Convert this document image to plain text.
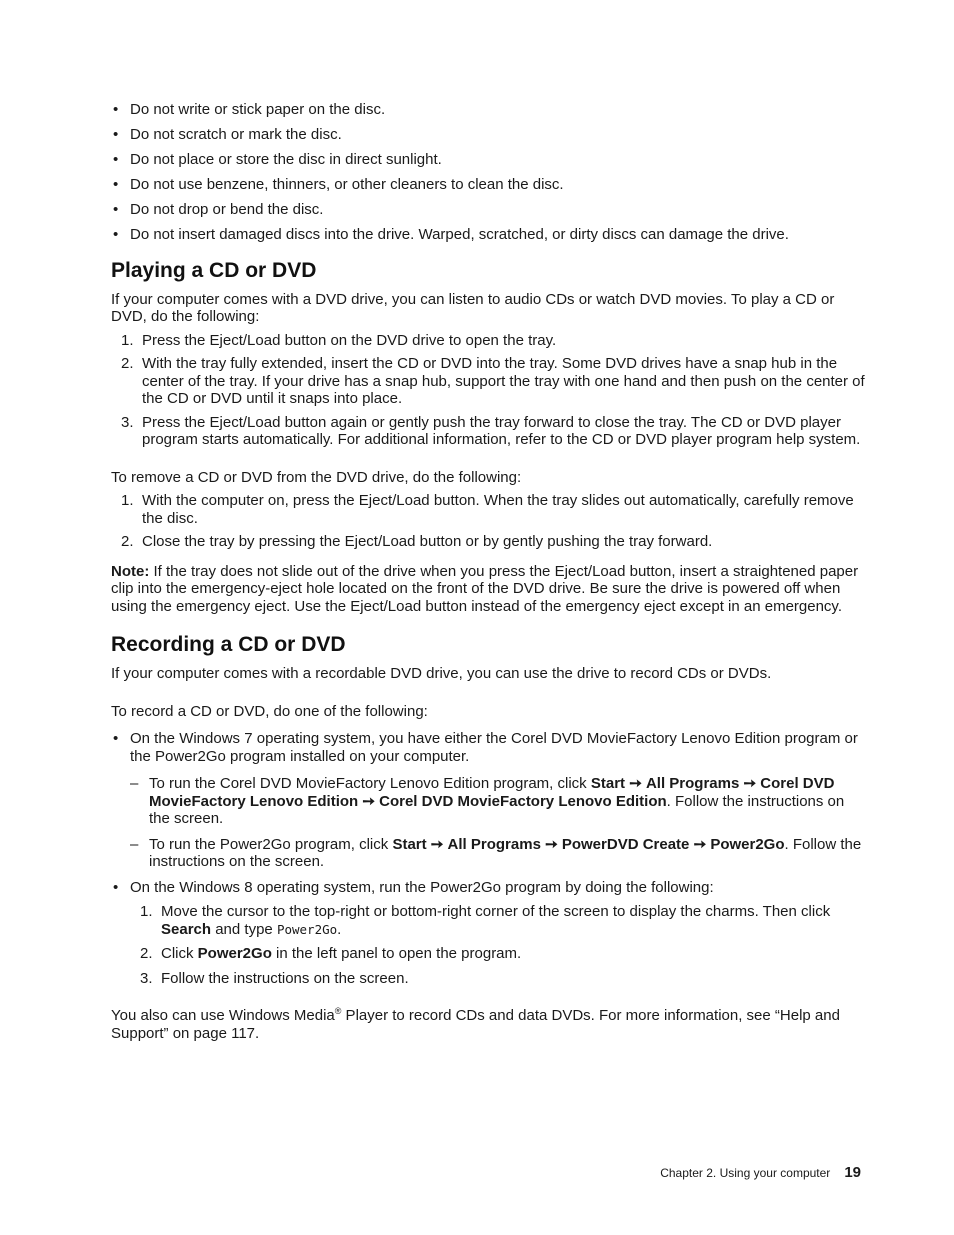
• Do not write or stick paper on the disc.
• Do not scratch or mark the disc.
• Do not place or store the disc in direct sunlight.
• Do not use benzene, thinners, or other cleaners to clean the disc.
• Do not drop or bend the disc.
• Do not insert damaged discs into the drive. Warped, scratched, or dirty discs can damage the drive.
Playing a CD or DVD

If your computer comes with a DVD drive, you can listen to audio CDs or watch DVD movies. To play a CD or DVD, do the following:

1. Press the Eject/Load button on the DVD drive to open the tray.
2. With the tray fully extended, insert the CD or DVD into the tray. Some DVD drives have a snap hub in the center of the tray. If your drive has a snap hub, support the tray with one hand and then push on the center of the CD or DVD until it snaps into place.
3. Press the Eject/Load button again or gently push the tray forward to close the tray. The CD or DVD player program starts automatically. For additional information, refer to the CD or DVD player program help system.

To remove a CD or DVD from the DVD drive, do the following:

1. With the computer on, press the Eject/Load button. When the tray slides out automatically, carefully remove the disc.
2. Close the tray by pressing the Eject/Load button or by gently pushing the tray forward.

Note: If the tray does not slide out of the drive when you press the Eject/Load button, insert a straightened paper clip into the emergency-eject hole located on the front of the DVD drive. Be sure the drive is powered off when using the emergency eject. Use the Eject/Load button instead of the emergency eject except in an emergency.

Recording a CD or DVD

If your computer comes with a recordable DVD drive, you can use the drive to record CDs or DVDs.

To record a CD or DVD, do one of the following:

• On the Windows 7 operating system, you have either the Corel DVD MovieFactory Lenovo Edition program or the Power2Go program installed on your computer.
– To run the Corel DVD MovieFactory Lenovo Edition program, click Start ➙ All Programs ➙ Corel DVD MovieFactory Lenovo Edition ➙ Corel DVD MovieFactory Lenovo Edition. Follow the instructions on the screen.
– To run the Power2Go program, click Start ➙ All Programs ➙ PowerDVD Create ➙ Power2Go. Follow the instructions on the screen.
• On the Windows 8 operating system, run the Power2Go program by doing the following:
1. Move the cursor to the top-right or bottom-right corner of the screen to display the charms. Then click Search and type Power2Go.
2. Click Power2Go in the left panel to open the program.
3. Follow the instructions on the screen.

You also can use Windows Media® Player to record CDs and data DVDs. For more information, see “Help and Support” on page 117.

Chapter 2. Using your computer 19
